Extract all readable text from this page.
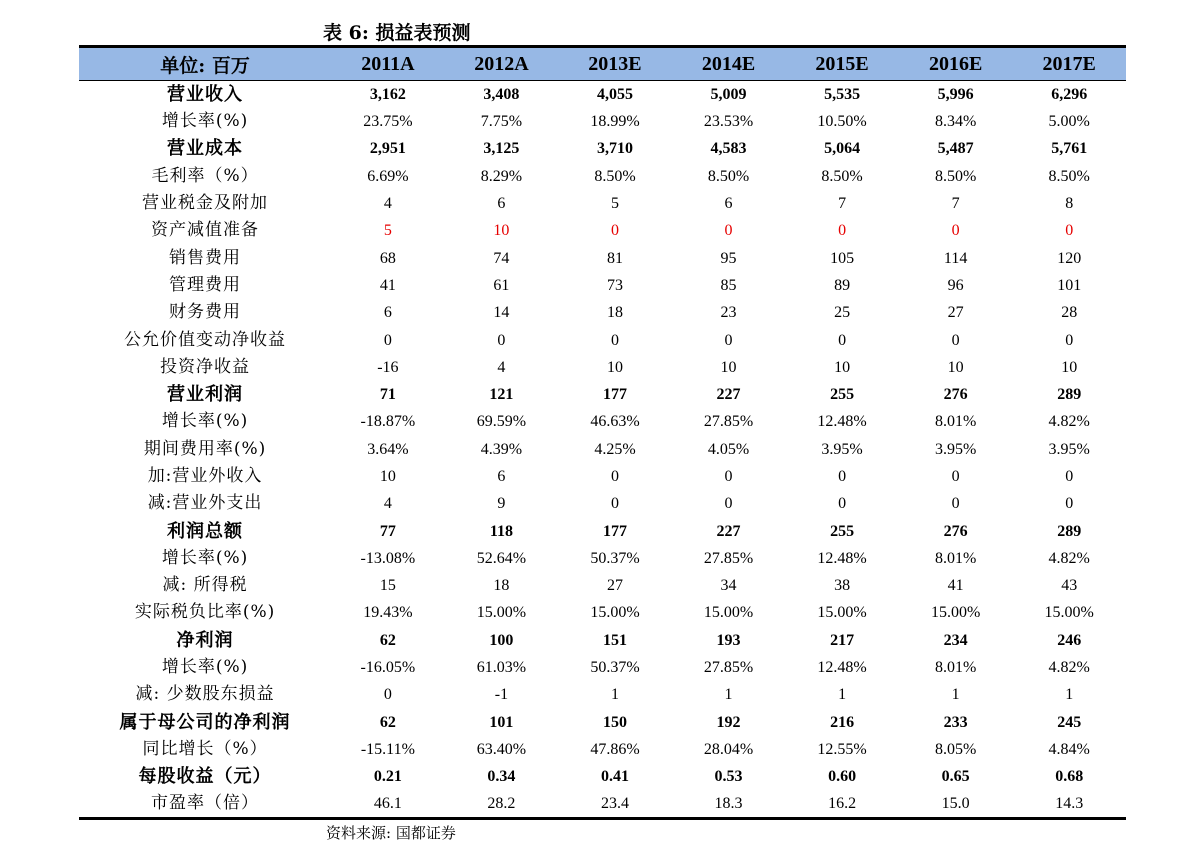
表 6: 损益表预测
单位: 百万	2011A	2012A	2013E	2014E	2015E	2016E	2017E
营业收入	3,162	3,408	4,055	5,009	5,535	5,996	6,296
增长率(%)	23.75%	7.75%	18.99%	23.53%	10.50%	8.34%	5.00%
营业成本	2,951	3,125	3,710	4,583	5,064	5,487	5,761
毛利率（%）	6.69%	8.29%	8.50%	8.50%	8.50%	8.50%	8.50%
营业税金及附加	4	6	5	6	7	7	8
资产减值准备	5	10	0	0	0	0	0
销售费用	68	74	81	95	105	114	120
管理费用	41	61	73	85	89	96	101
财务费用	6	14	18	23	25	27	28
公允价值变动净收益	0	0	0	0	0	0	0
投资净收益	-16	4	10	10	10	10	10
营业利润	71	121	177	227	255	276	289
增长率(%)	-18.87%	69.59%	46.63%	27.85%	12.48%	8.01%	4.82%
期间费用率(%)	3.64%	4.39%	4.25%	4.05%	3.95%	3.95%	3.95%
加:营业外收入	10	6	0	0	0	0	0
减:营业外支出	4	9	0	0	0	0	0
利润总额	77	118	177	227	255	276	289
增长率(%)	-13.08%	52.64%	50.37%	27.85%	12.48%	8.01%	4.82%
减: 所得税	15	18	27	34	38	41	43
实际税负比率(%)	19.43%	15.00%	15.00%	15.00%	15.00%	15.00%	15.00%
净利润	62	100	151	193	217	234	246
增长率(%)	-16.05%	61.03%	50.37%	27.85%	12.48%	8.01%	4.82%
减: 少数股东损益	0	-1	1	1	1	1	1
属于母公司的净利润	62	101	150	192	216	233	245
同比增长（%）	-15.11%	63.40%	47.86%	28.04%	12.55%	8.05%	4.84%
每股收益（元）	0.21	0.34	0.41	0.53	0.60	0.65	0.68
市盈率（倍）	46.1	28.2	23.4	18.3	16.2	15.0	14.3
资料来源: 国都证券
